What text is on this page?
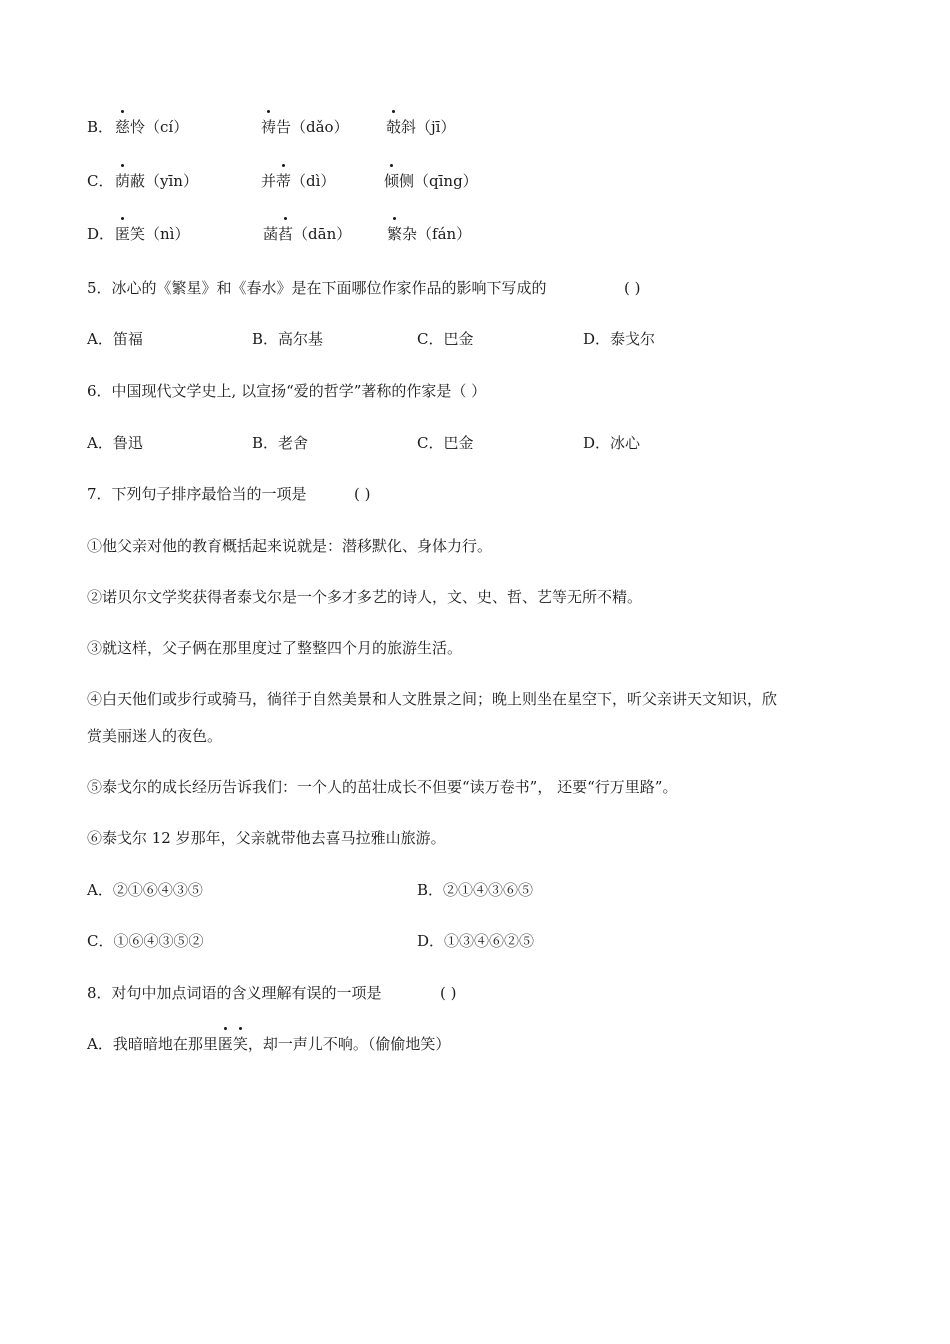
B． 慈怜（cí）	祷告（dǎo） 攲斜（jī）
C． 荫蔽（yīn）	并蒂（dì）	倾侧（qīng）
D． 匿笑（nì）	菡萏（dān） 繁杂（fán）
5．冰心的《繁星》和《春水》是在下面哪位作家作品的影响下写成的	( )
A．笛福	B．高尔基	C．巴金	D．泰戈尔
6．中国现代文学史上, 以宣扬“爱的哲学”著称的作家是（ ）
A．鲁迅	B．老舍	C．巴金	D．冰心
7．下列句子排序最恰当的一项是	( )
①他父亲对他的教育概括起来说就是：潜移默化、身体力行。
②诺贝尔文学奖获得者泰戈尔是一个多才多艺的诗人，文、史、哲、艺等无所不精。
③就这样，父子俩在那里度过了整整四个月的旅游生活。
④白天他们或步行或骑马，徜徉于自然美景和人文胜景之间；晚上则坐在星空下，听父亲讲天文知识，欣
赏美丽迷人的夜色。
⑤泰戈尔的成长经历告诉我们：一个人的茁壮成长不但要“读万卷书”， 还要“行万里路”。
⑥泰戈尔 12 岁那年，父亲就带他去喜马拉雅山旅游。
A．②①⑥④③⑤	B．②①④③⑥⑤
C．①⑥④③⑤②	D．①③④⑥②⑤
8．对句中加点词语的含义理解有误的一项是	( )
A．我暗暗地在那里匿笑，却一声儿不响。（偷偷地笑）
